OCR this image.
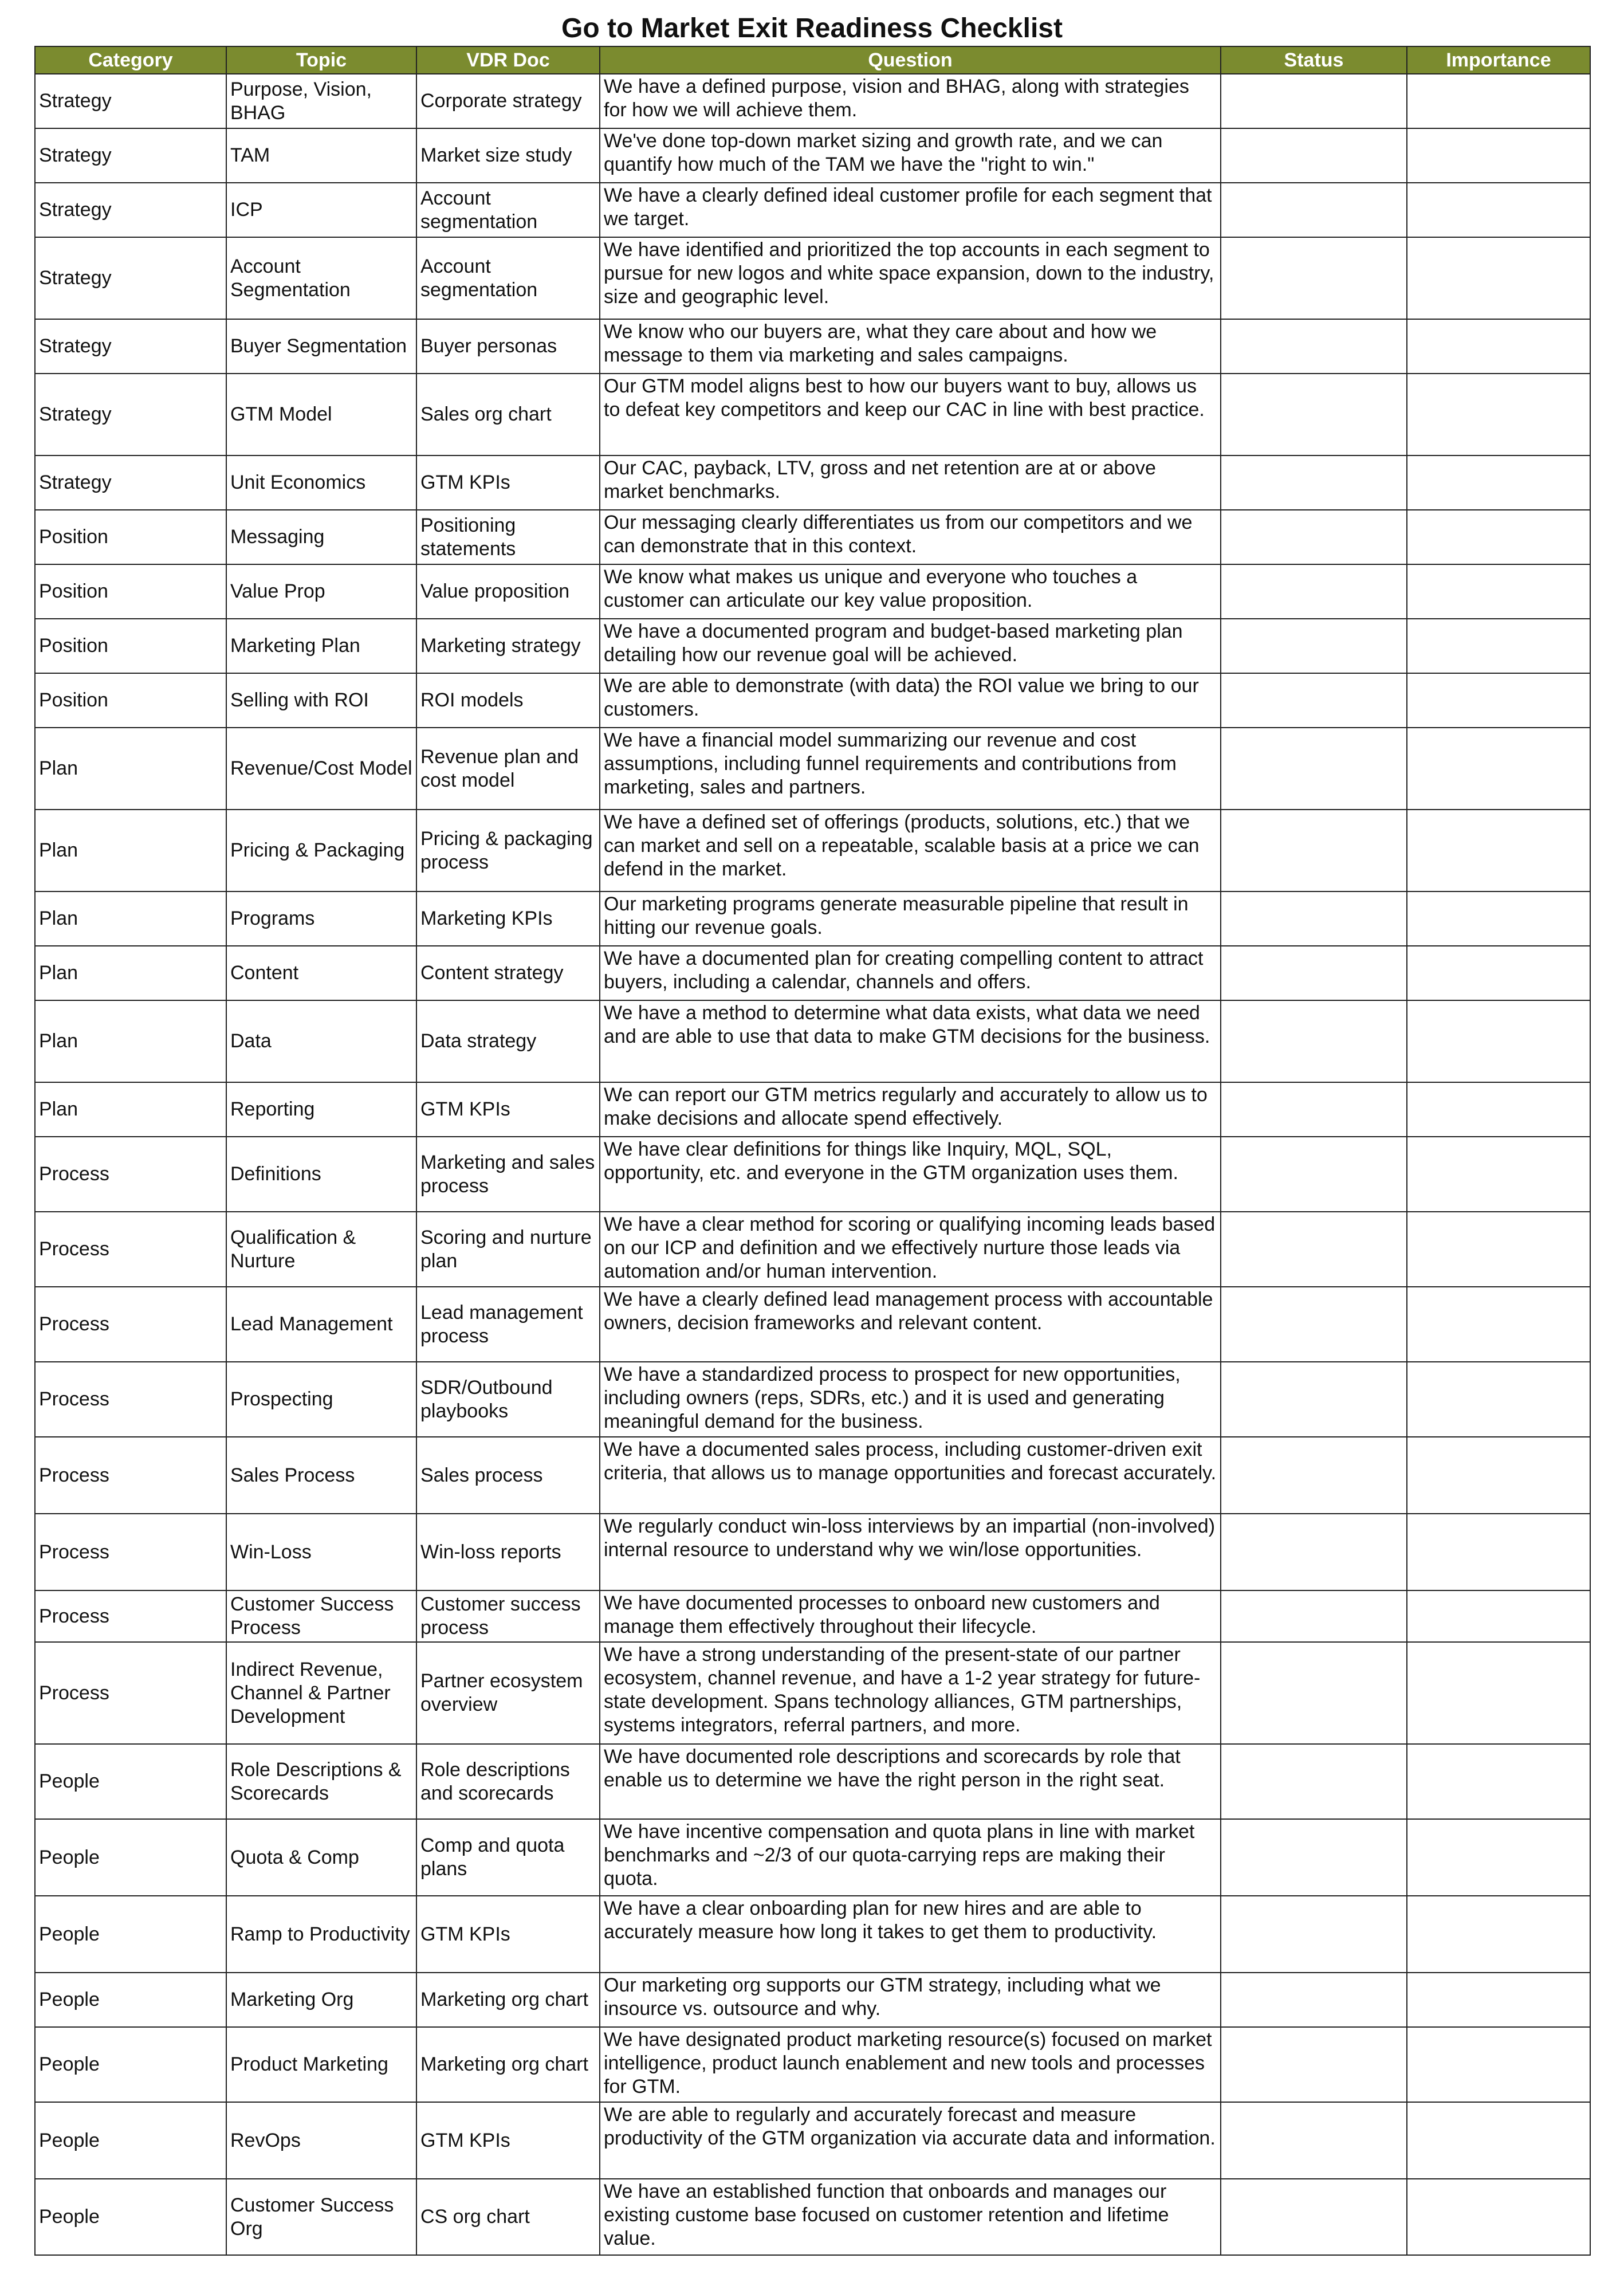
Go to Market Exit Readiness Checklist
Category	Topic	VDR Doc	Question	Status	Importance
Strategy	Purpose, Vision, BHAG	Corporate strategy	We have a defined purpose, vision and BHAG, along with strategies for how we will achieve them.		
Strategy	TAM	Market size study	We've done top-down market sizing and growth rate, and we can quantify how much of the TAM we have the "right to win."		
Strategy	ICP	Account segmentation	We have a clearly defined ideal customer profile for each segment that we target.		
Strategy	Account Segmentation	Account segmentation	We have identified and prioritized the top accounts in each segment to pursue for new logos and white space expansion, down to the industry, size and geographic level.		
Strategy	Buyer Segmentation	Buyer personas	We know who our buyers are, what they care about and how we message to them via marketing and sales campaigns.		
Strategy	GTM Model	Sales org chart	Our GTM model aligns best to how our buyers want to buy, allows us to defeat key competitors and keep our CAC in line with best practice.		
Strategy	Unit Economics	GTM KPIs	Our CAC, payback, LTV, gross and net retention are at or above market benchmarks.		
Position	Messaging	Positioning statements	Our messaging clearly differentiates us from our competitors and we can demonstrate that in this context.		
Position	Value Prop	Value proposition	We know what makes us unique and everyone who touches a customer can articulate our key value proposition.		
Position	Marketing Plan	Marketing strategy	We have a documented program and budget-based marketing plan detailing how our revenue goal will be achieved.		
Position	Selling with ROI	ROI models	We are able to demonstrate (with data) the ROI value we bring to our customers.		
Plan	Revenue/Cost Model	Revenue plan and cost model	We have a financial model summarizing our revenue and cost assumptions, including funnel requirements and contributions from marketing, sales and partners.		
Plan	Pricing & Packaging	Pricing & packaging process	We have a defined set of offerings (products, solutions, etc.) that we can market and sell on a repeatable, scalable basis at a price we can defend in the market.		
Plan	Programs	Marketing KPIs	Our marketing programs generate measurable pipeline that result in hitting our revenue goals.		
Plan	Content	Content strategy	We have a documented plan for creating compelling content to attract buyers, including a calendar, channels and offers.		
Plan	Data	Data strategy	We have a method to determine what data exists, what data we need and are able to use that data to make GTM decisions for the business.		
Plan	Reporting	GTM KPIs	We can report our GTM metrics regularly and accurately to allow us to make decisions and allocate spend effectively.		
Process	Definitions	Marketing and sales process	We have clear definitions for things like Inquiry, MQL, SQL, opportunity, etc. and everyone in the GTM organization uses them.		
Process	Qualification & Nurture	Scoring and nurture plan	We have a clear method for scoring or qualifying incoming leads based on our ICP and definition and we effectively nurture those leads via automation and/or human intervention.		
Process	Lead Management	Lead management process	We have a clearly defined lead management process with accountable owners, decision frameworks and relevant content.		
Process	Prospecting	SDR/Outbound playbooks	We have a standardized process to prospect for new opportunities, including owners (reps, SDRs, etc.) and it is used and generating meaningful demand for the business.		
Process	Sales Process	Sales process	We have a documented sales process, including customer-driven exit criteria, that allows us to manage opportunities and forecast accurately.		
Process	Win-Loss	Win-loss reports	We regularly conduct win-loss interviews by an impartial (non-involved) internal resource to understand why we win/lose opportunities.		
Process	Customer Success Process	Customer success process	We have documented processes to onboard new customers and manage them effectively throughout their lifecycle.		
Process	Indirect Revenue, Channel & Partner Development	Partner ecosystem overview	We have a strong understanding of the present-state of our partner ecosystem, channel revenue, and have a 1-2 year strategy for future-state development. Spans technology alliances, GTM partnerships, systems integrators, referral partners, and more.		
People	Role Descriptions & Scorecards	Role descriptions and scorecards	We have documented role descriptions and scorecards by role that enable us to determine we have the right person in the right seat.		
People	Quota & Comp	Comp and quota plans	We have incentive compensation and quota plans in line with market benchmarks and ~2/3 of our quota-carrying reps are making their quota.		
People	Ramp to Productivity	GTM KPIs	We have a clear onboarding plan for new hires and are able to accurately measure how long it takes to get them to productivity.		
People	Marketing Org	Marketing org chart	Our marketing org supports our GTM strategy, including what we insource vs. outsource and why.		
People	Product Marketing	Marketing org chart	We have designated product marketing resource(s) focused on market intelligence, product launch enablement and new tools and processes for GTM.		
People	RevOps	GTM KPIs	We are able to regularly and accurately forecast and measure productivity of the GTM organization via accurate data and information.		
People	Customer Success Org	CS org chart	We have an established function that onboards and manages our existing custome base focused on customer retention and lifetime value.		
